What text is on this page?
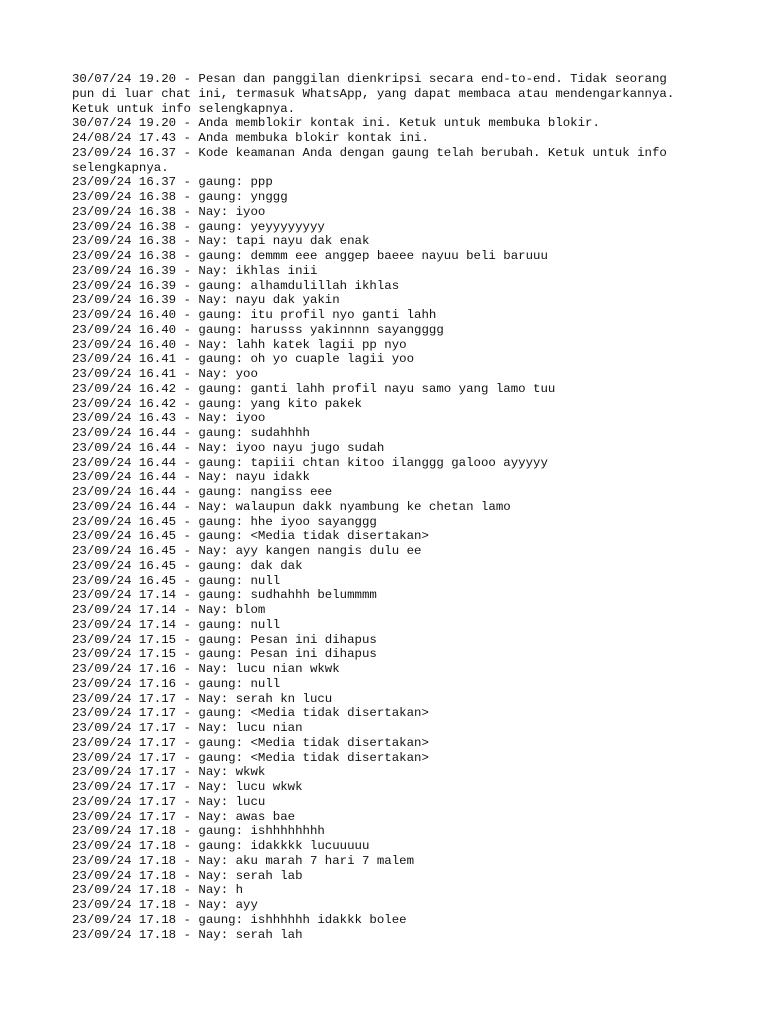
30/07/24 19.20 - Pesan dan panggilan dienkripsi secara end-to-end. Tidak seorang
pun di luar chat ini, termasuk WhatsApp, yang dapat membaca atau mendengarkannya.
Ketuk untuk info selengkapnya.
30/07/24 19.20 - Anda memblokir kontak ini. Ketuk untuk membuka blokir.
24/08/24 17.43 - Anda membuka blokir kontak ini.
23/09/24 16.37 - Kode keamanan Anda dengan gaung telah berubah. Ketuk untuk info
selengkapnya.
23/09/24 16.37 - gaung: ppp
23/09/24 16.38 - gaung: ynggg
23/09/24 16.38 - Nay: iyoo
23/09/24 16.38 - gaung: yeyyyyyyyy
23/09/24 16.38 - Nay: tapi nayu dak enak
23/09/24 16.38 - gaung: demmm eee anggep baeee nayuu beli baruuu
23/09/24 16.39 - Nay: ikhlas inii
23/09/24 16.39 - gaung: alhamdulillah ikhlas
23/09/24 16.39 - Nay: nayu dak yakin
23/09/24 16.40 - gaung: itu profil nyo ganti lahh
23/09/24 16.40 - gaung: harusss yakinnnn sayangggg
23/09/24 16.40 - Nay: lahh katek lagii pp nyo
23/09/24 16.41 - gaung: oh yo cuaple lagii yoo
23/09/24 16.41 - Nay: yoo
23/09/24 16.42 - gaung: ganti lahh profil nayu samo yang lamo tuu
23/09/24 16.42 - gaung: yang kito pakek
23/09/24 16.43 - Nay: iyoo
23/09/24 16.44 - gaung: sudahhhh
23/09/24 16.44 - Nay: iyoo nayu jugo sudah
23/09/24 16.44 - gaung: tapiii chtan kitoo ilanggg galooo ayyyyy
23/09/24 16.44 - Nay: nayu idakk
23/09/24 16.44 - gaung: nangiss eee
23/09/24 16.44 - Nay: walaupun dakk nyambung ke chetan lamo
23/09/24 16.45 - gaung: hhe iyoo sayanggg
23/09/24 16.45 - gaung: <Media tidak disertakan>
23/09/24 16.45 - Nay: ayy kangen nangis dulu ee
23/09/24 16.45 - gaung: dak dak
23/09/24 16.45 - gaung: null
23/09/24 17.14 - gaung: sudhahhh belummmm
23/09/24 17.14 - Nay: blom
23/09/24 17.14 - gaung: null
23/09/24 17.15 - gaung: Pesan ini dihapus
23/09/24 17.15 - gaung: Pesan ini dihapus
23/09/24 17.16 - Nay: lucu nian wkwk
23/09/24 17.16 - gaung: null
23/09/24 17.17 - Nay: serah kn lucu
23/09/24 17.17 - gaung: <Media tidak disertakan>
23/09/24 17.17 - Nay: lucu nian
23/09/24 17.17 - gaung: <Media tidak disertakan>
23/09/24 17.17 - gaung: <Media tidak disertakan>
23/09/24 17.17 - Nay: wkwk
23/09/24 17.17 - Nay: lucu wkwk
23/09/24 17.17 - Nay: lucu
23/09/24 17.17 - Nay: awas bae
23/09/24 17.18 - gaung: ishhhhhhhh
23/09/24 17.18 - gaung: idakkkk lucuuuuu
23/09/24 17.18 - Nay: aku marah 7 hari 7 malem
23/09/24 17.18 - Nay: serah lab
23/09/24 17.18 - Nay: h
23/09/24 17.18 - Nay: ayy
23/09/24 17.18 - gaung: ishhhhhh idakkk bolee
23/09/24 17.18 - Nay: serah lah
